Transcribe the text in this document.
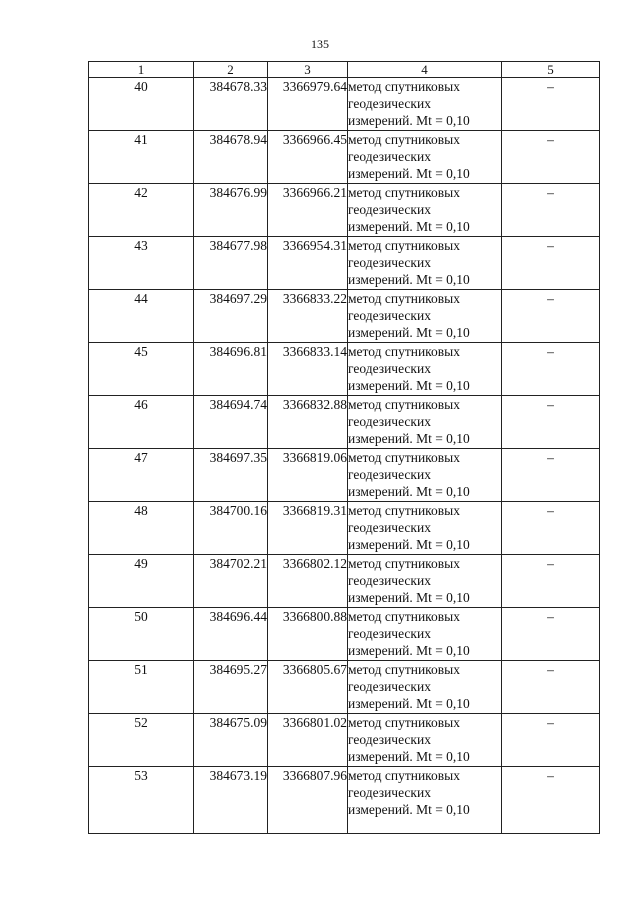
135
1	2	3	4	5
40	384678.33	3366979.64	метод спутниковых
геодезических
измерений. Mt = 0,10	–
41	384678.94	3366966.45	метод спутниковых
геодезических
измерений. Mt = 0,10	–
42	384676.99	3366966.21	метод спутниковых
геодезических
измерений. Mt = 0,10	–
43	384677.98	3366954.31	метод спутниковых
геодезических
измерений. Mt = 0,10	–
44	384697.29	3366833.22	метод спутниковых
геодезических
измерений. Mt = 0,10	–
45	384696.81	3366833.14	метод спутниковых
геодезических
измерений. Mt = 0,10	–
46	384694.74	3366832.88	метод спутниковых
геодезических
измерений. Mt = 0,10	–
47	384697.35	3366819.06	метод спутниковых
геодезических
измерений. Mt = 0,10	–
48	384700.16	3366819.31	метод спутниковых
геодезических
измерений. Mt = 0,10	–
49	384702.21	3366802.12	метод спутниковых
геодезических
измерений. Mt = 0,10	–
50	384696.44	3366800.88	метод спутниковых
геодезических
измерений. Mt = 0,10	–
51	384695.27	3366805.67	метод спутниковых
геодезических
измерений. Mt = 0,10	–
52	384675.09	3366801.02	метод спутниковых
геодезических
измерений. Mt = 0,10	–
53	384673.19	3366807.96	метод спутниковых
геодезических
измерений. Mt = 0,10	–
